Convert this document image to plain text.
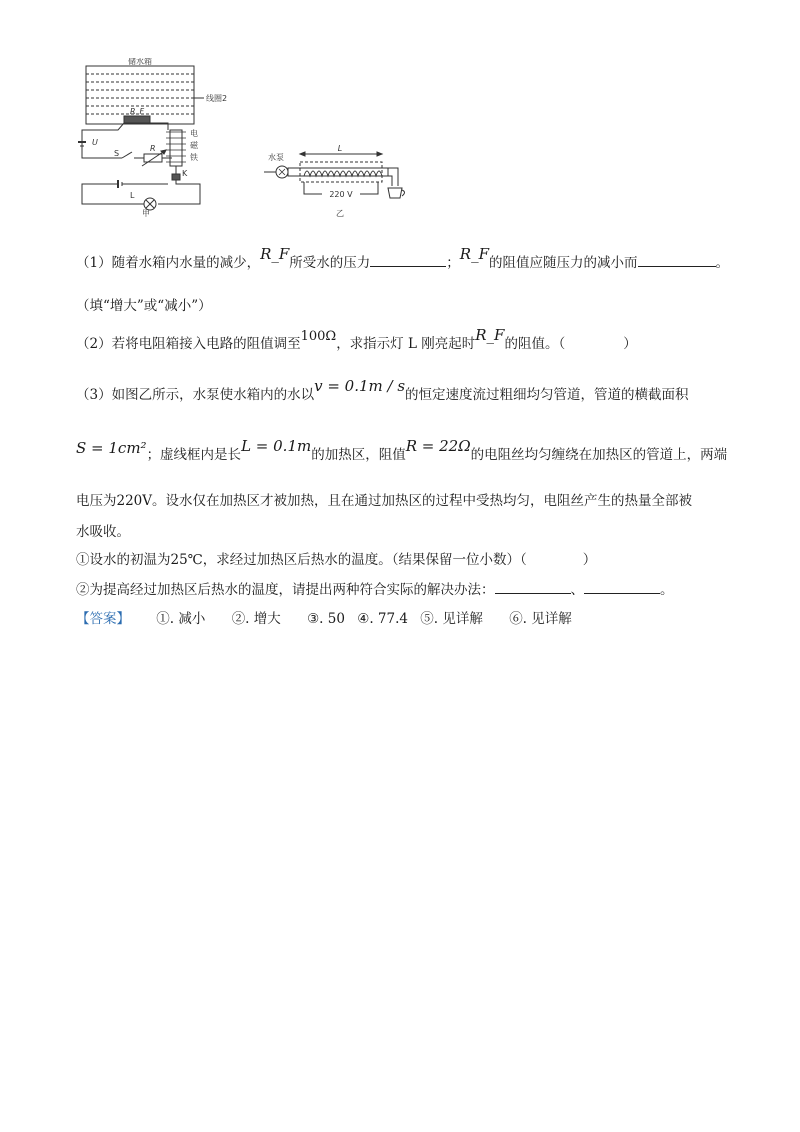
储水箱
线圈2
R_F
电
磁
铁
U
S
R
K
L
甲
水泵
L
220 V
乙
（1）随着水箱内水量的减少，R_F所受水的压力	；R_F的阻值应随压力的减小而	。
（填“增大”或“减小”）
（2）若将电阻箱接入电路的阻值调至100Ω，求指示灯 L 刚亮起时R_F的阻值。（	）
（3）如图乙所示，水泵使水箱内的水以v = 0.1m / s的恒定速度流过粗细均匀管道，管道的横截面积
S = 1cm²；虚线框内是长L = 0.1m的加热区，阻值R = 22Ω的电阻丝均匀缠绕在加热区的管道上，两端
电压为220V。设水仅在加热区才被加热，且在通过加热区的过程中受热均匀，电阻丝产生的热量全部被
水吸收。
①设水的初温为25℃，求经过加热区后热水的温度。（结果保留一位小数）（	）
②为提高经过加热区后热水的温度，请提出两种符合实际的解决办法：	、	。
【答案】 ①. 减小 ②. 增大 ③. 50 ④. 77.4 ⑤. 见详解 ⑥. 见详解
